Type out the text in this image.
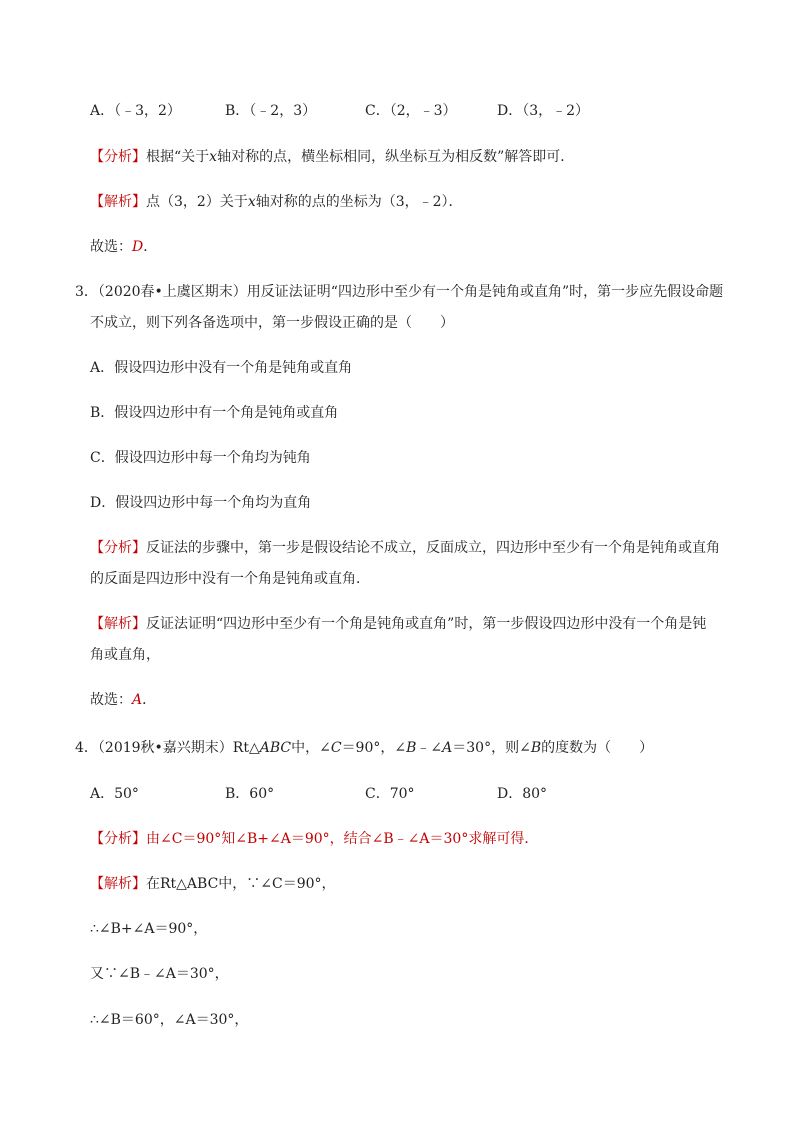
A．（﹣3，2）	B．（﹣2，3）	C．（2，﹣3）	D．（3，﹣2）
【分析】根据“关于x轴对称的点，横坐标相同，纵坐标互为相反数”解答即可．
【解析】点（3，2）关于x轴对称的点的坐标为（3，﹣2）．
故选：D．
3．（2020春•上虞区期末）用反证法证明“四边形中至少有一个角是钝角或直角”时，第一步应先假设命题
不成立，则下列各备选项中，第一步假设正确的是（　　）
A．假设四边形中没有一个角是钝角或直角
B．假设四边形中有一个角是钝角或直角
C．假设四边形中每一个角均为钝角
D．假设四边形中每一个角均为直角
【分析】反证法的步骤中，第一步是假设结论不成立，反面成立，四边形中至少有一个角是钝角或直角
的反面是四边形中没有一个角是钝角或直角．
【解析】反证法证明“四边形中至少有一个角是钝角或直角”时，第一步假设四边形中没有一个角是钝
角或直角，
故选：A．
4．（2019秋•嘉兴期末）Rt△ABC中，∠C＝90°，∠B﹣∠A＝30°，则∠B的度数为（　　）
A．50°	B．60°	C．70°	D．80°
【分析】由∠C＝90°知∠B+∠A＝90°，结合∠B﹣∠A＝30°求解可得．
【解析】在Rt△ABC中，∵∠C＝90°，
∴∠B+∠A＝90°，
又∵∠B﹣∠A＝30°，
∴∠B＝60°，∠A＝30°，
